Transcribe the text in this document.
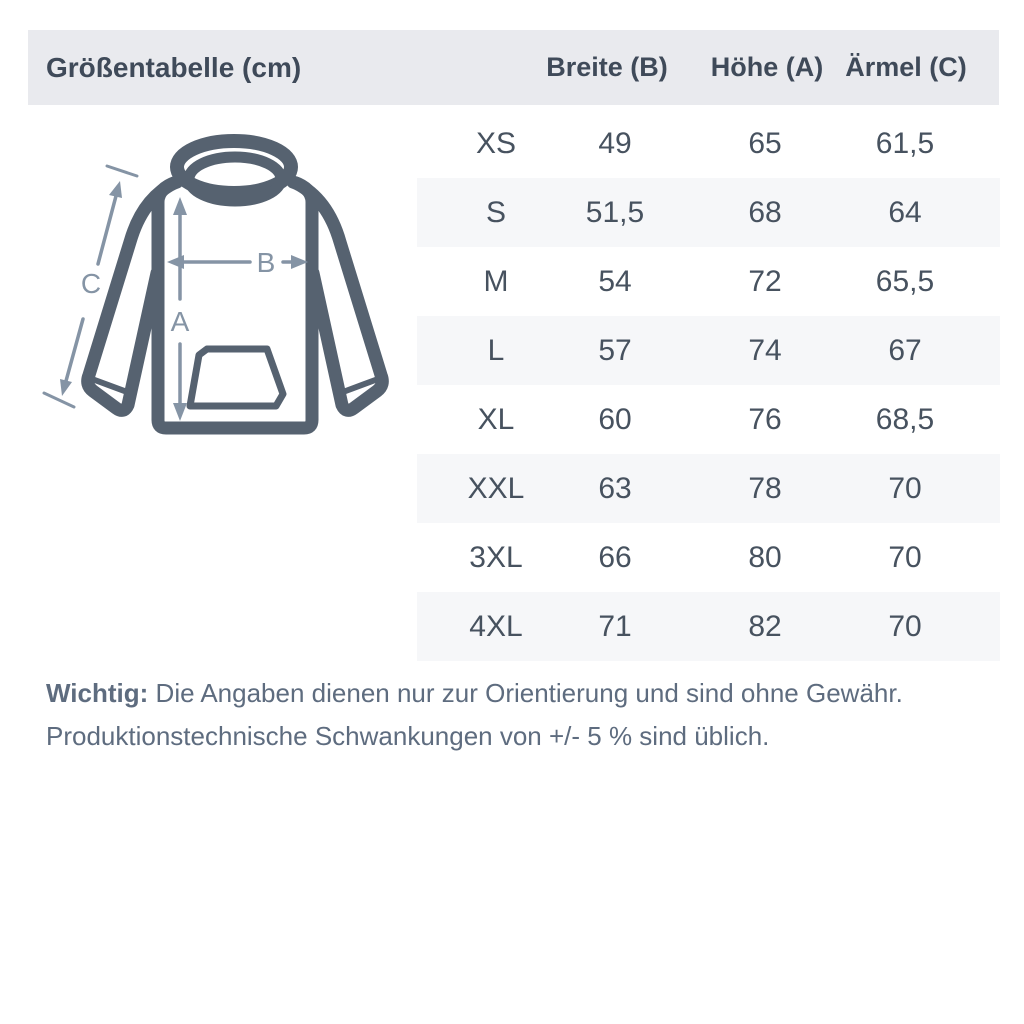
Größentabelle (cm)	Breite (B) Höhe (A) Ärmel (C)
XS	49	65	61,5
S	51,5	68	64
M	54	72	65,5
L	57	74	67
XL	60	76	68,5
XXL	63	78	70
3XL	66	80	70
4XL	71	82	70
A
B
C
Wichtig: Die Angaben dienen nur zur Orientierung und sind ohne Gewähr.
Produktionstechnische Schwankungen von +/- 5 % sind üblich.
